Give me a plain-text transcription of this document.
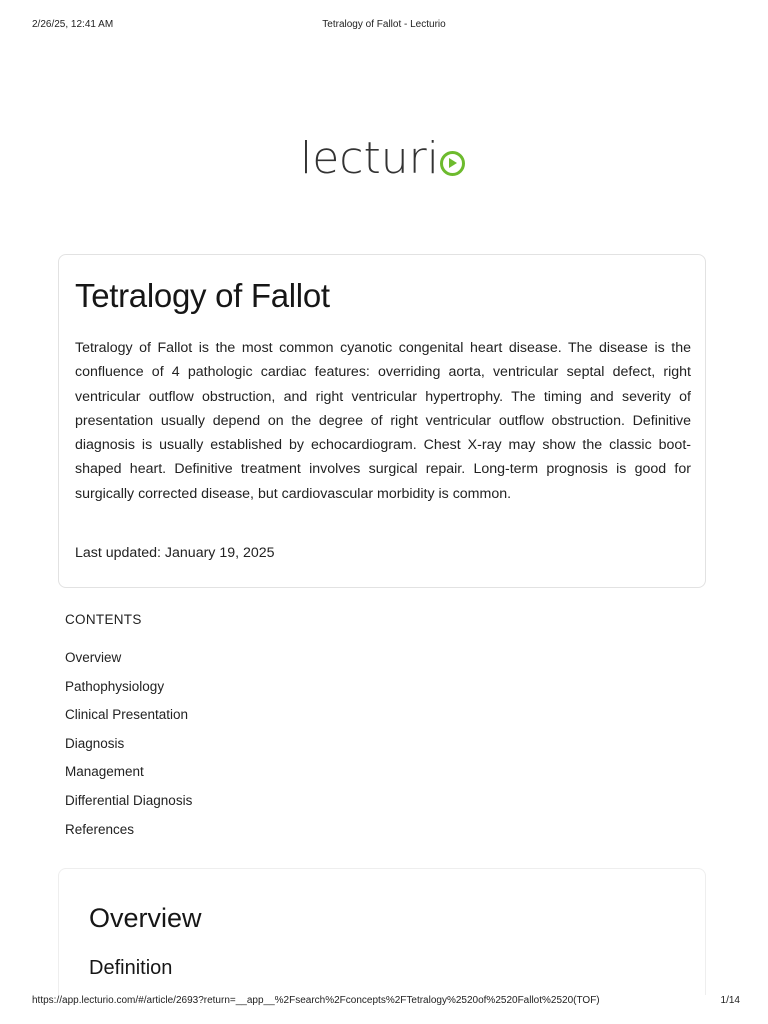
2/26/25, 12:41 AM	Tetralogy of Fallot - Lecturio
lecturi
Tetralogy of Fallot

Tetralogy of Fallot is the most common cyanotic congenital heart disease. The disease is the confluence of 4 pathologic cardiac features: overriding aorta, ventricular septal defect, right ventricular outflow obstruction, and right ventricular hypertrophy. The timing and severity of presentation usually depend on the degree of right ventricular outflow obstruction. Definitive diagnosis is usually established by echocardiogram. Chest X-ray may show the classic boot-shaped heart. Definitive treatment involves surgical repair. Long-term prognosis is good for surgically corrected disease, but cardiovascular morbidity is common.

Last updated: January 19, 2025

CONTENTS
Overview
Pathophysiology
Clinical Presentation
Diagnosis
Management
Differential Diagnosis
References
Overview
Definition
https://app.lecturio.com/#/article/2693?return=__app__%2Fsearch%2Fconcepts%2FTetralogy%2520of%2520Fallot%2520(TOF)	1/14
